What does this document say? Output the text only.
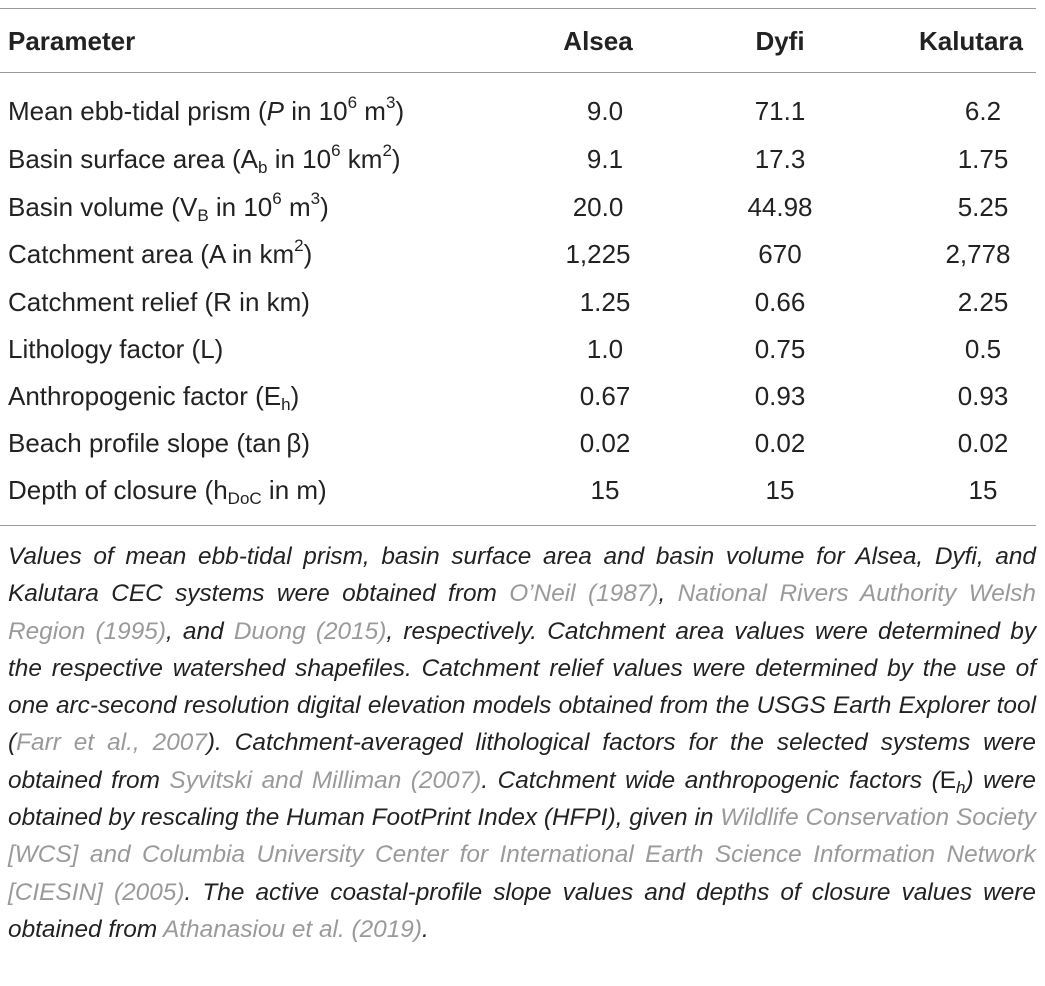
Parameter	Alsea	Dyfi	Kalutara
Mean ebb-tidal prism (P in $10^6$ $m^3$)	9.0	71.1	6.2
Basin surface area ($A_b$ in $10^6$ $km^2$)	9.1	17.3	1.75
Basin volume ($V_B$ in $10^6$ $m^3$)	20.0	44.98	5.25
Catchment area (A in $km^2$)	1,225	670	2,778
Catchment relief (R in km)	1.25	0.66	2.25
Lithology factor (L)	1.0	0.75	0.5
Anthropogenic factor $(E_h)$	0.67	0.93	0.93
Beach profile slope (tan β)	0.02	0.02	0.02
Depth of closure ($h_{DoC}$ in m)	15	15	15

Values of mean ebb-tidal prism, basin surface area and basin volume for Alsea, Dyfi, and Kalutara CEC systems were obtained from O’Neil (1987), National Rivers Authority Welsh Region (1995), and Duong (2015), respectively. Catchment area values were determined by the respective watershed shapefiles. Catchment relief values were determined by the use of one arc-second resolution digital elevation models obtained from the USGS Earth Explorer tool (Farr et al., 2007). Catchment-averaged lithological factors for the selected systems were obtained from Syvitski and Milliman (2007). Catchment wide anthropogenic factors $(E_h)$ were obtained by rescaling the Human FootPrint Index (HFPI), given in Wildlife Conservation Society [WCS] and Columbia University Center for International Earth Science Information Network [CIESIN] (2005). The active coastal-profile slope values and depths of closure values were obtained from Athanasiou et al. (2019).
